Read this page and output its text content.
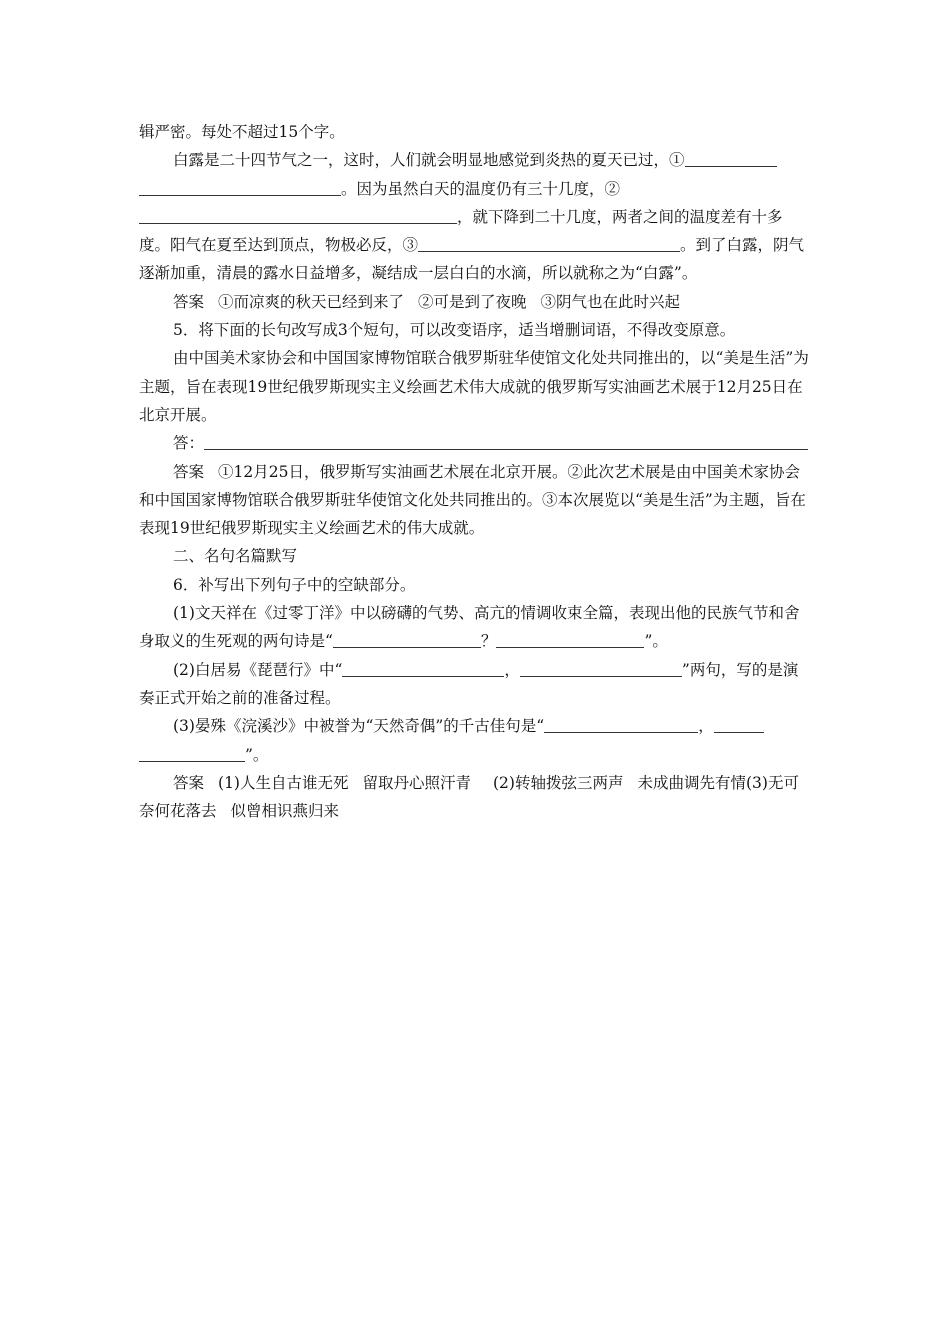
辑严密。每处不超过15个字。

白露是二十四节气之一，这时，人们就会明显地感觉到炎热的夏天已过，①。因为虽然白天的温度仍有三十几度，②，就下降到二十几度，两者之间的温度差有十多度。阳气在夏至达到顶点，物极必反，③	。到了白露，阴气逐渐加重，清晨的露水日益增多，凝结成一层白白的水滴，所以就称之为“白露”。

答案 ①而凉爽的秋天已经到来了 ②可是到了夜晚 ③阴气也在此时兴起

5．将下面的长句改写成3个短句，可以改变语序，适当增删词语，不得改变原意。

由中国美术家协会和中国国家博物馆联合俄罗斯驻华使馆文化处共同推出的，以“美是生活”为主题，旨在表现19世纪俄罗斯现实主义绘画艺术伟大成就的俄罗斯写实油画艺术展于12月25日在北京开展。

答：

答案 ①12月25日，俄罗斯写实油画艺术展在北京开展。②此次艺术展是由中国美术家协会和中国国家博物馆联合俄罗斯驻华使馆文化处共同推出的。③本次展览以“美是生活”为主题，旨在表现19世纪俄罗斯现实主义绘画艺术的伟大成就。

二、名句名篇默写

6．补写出下列句子中的空缺部分。

(1)文天祥在《过零丁洋》中以磅礴的气势、高亢的情调收束全篇，表现出他的民族气节和舍身取义的生死观的两句诗是“	？	”。

(2)白居易《琵琶行》中“	，	”两句，写的是演奏正式开始之前的准备过程。

(3)晏殊《浣溪沙》中被誉为“天然奇偶”的千古佳句是“	，”。

答案 (1)人生自古谁无死 留取丹心照汗青 (2)转轴拨弦三两声 未成曲调先有情(3)无可奈何花落去 似曾相识燕归来
